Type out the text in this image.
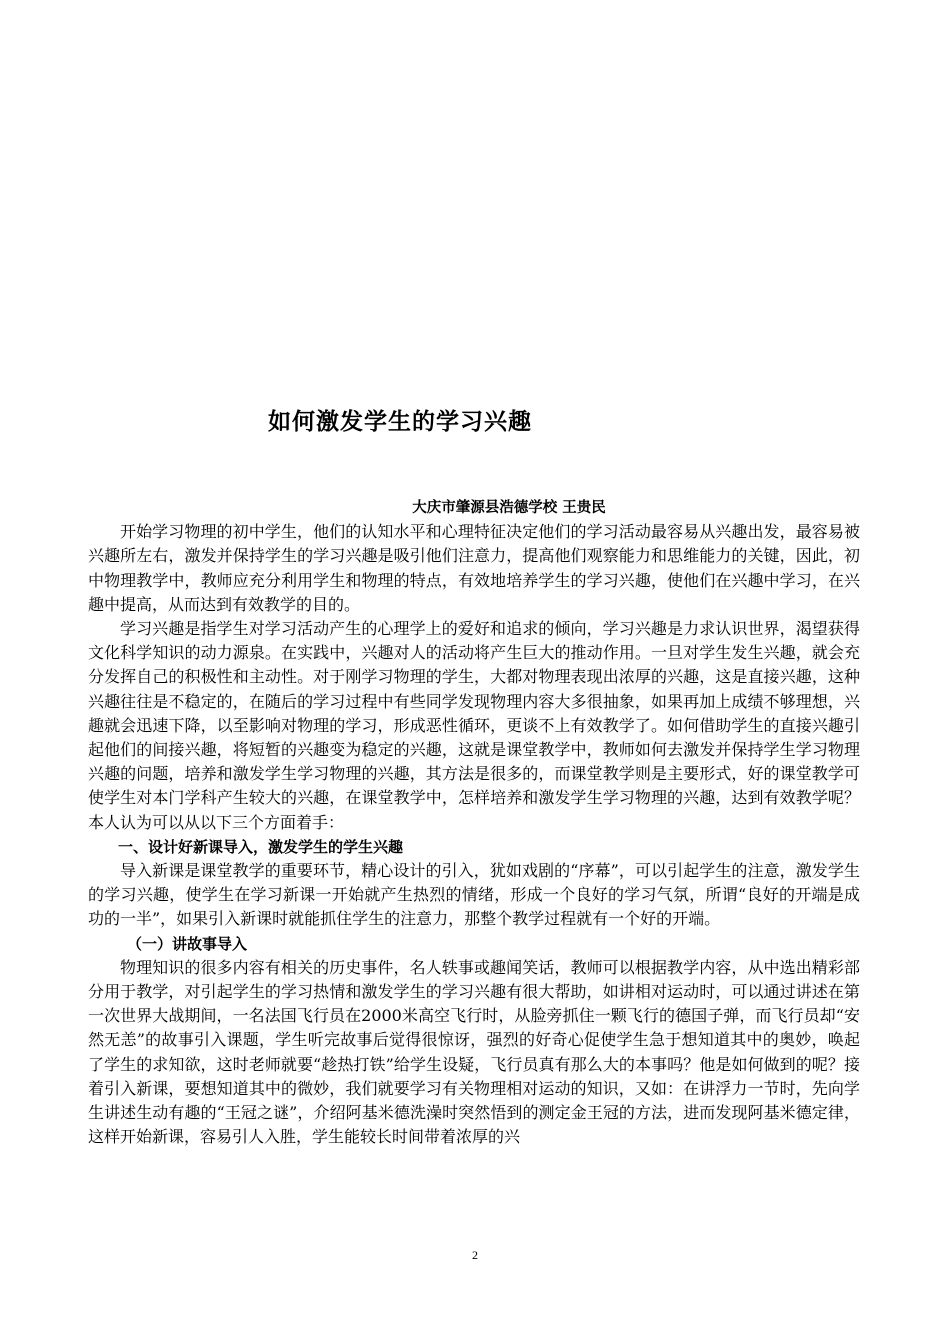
如何激发学生的学习兴趣
大庆市肇源县浩德学校 王贵民

开始学习物理的初中学生，他们的认知水平和心理特征决定他们的学习活动最容易从兴趣出发，最容易被兴趣所左右，激发并保持学生的学习兴趣是吸引他们注意力，提高他们观察能力和思维能力的关键，因此，初中物理教学中，教师应充分利用学生和物理的特点，有效地培养学生的学习兴趣，使他们在兴趣中学习，在兴趣中提高，从而达到有效教学的目的。

学习兴趣是指学生对学习活动产生的心理学上的爱好和追求的倾向，学习兴趣是力求认识世界，渴望获得文化科学知识的动力源泉。在实践中，兴趣对人的活动将产生巨大的推动作用。一旦对学生发生兴趣，就会充分发挥自己的积极性和主动性。对于刚学习物理的学生，大都对物理表现出浓厚的兴趣，这是直接兴趣，这种兴趣往往是不稳定的，在随后的学习过程中有些同学发现物理内容大多很抽象，如果再加上成绩不够理想，兴趣就会迅速下降，以至影响对物理的学习，形成恶性循环，更谈不上有效教学了。如何借助学生的直接兴趣引起他们的间接兴趣，将短暂的兴趣变为稳定的兴趣，这就是课堂教学中，教师如何去激发并保持学生学习物理兴趣的问题，培养和激发学生学习物理的兴趣，其方法是很多的，而课堂教学则是主要形式，好的课堂教学可使学生对本门学科产生较大的兴趣，在课堂教学中，怎样培养和激发学生学习物理的兴趣，达到有效教学呢？本人认为可以从以下三个方面着手：

一、设计好新课导入，激发学生的学生兴趣

导入新课是课堂教学的重要环节，精心设计的引入，犹如戏剧的“序幕”，可以引起学生的注意，激发学生的学习兴趣，使学生在学习新课一开始就产生热烈的情绪，形成一个良好的学习气氛，所谓“良好的开端是成功的一半”，如果引入新课时就能抓住学生的注意力，那整个教学过程就有一个好的开端。

（一）讲故事导入

物理知识的很多内容有相关的历史事件，名人轶事或趣闻笑话，教师可以根据教学内容，从中选出精彩部分用于教学，对引起学生的学习热情和激发学生的学习兴趣有很大帮助，如讲相对运动时，可以通过讲述在第一次世界大战期间，一名法国飞行员在2000米高空飞行时，从脸旁抓住一颗飞行的德国子弹，而飞行员却“安然无恙”的故事引入课题，学生听完故事后觉得很惊讶，强烈的好奇心促使学生急于想知道其中的奥妙，唤起了学生的求知欲，这时老师就要“趁热打铁”给学生设疑，飞行员真有那么大的本事吗？他是如何做到的呢？接着引入新课，要想知道其中的微妙，我们就要学习有关物理相对运动的知识，又如：在讲浮力一节时，先向学生讲述生动有趣的“王冠之谜”，介绍阿基米德洗澡时突然悟到的测定金王冠的方法，进而发现阿基米德定律，这样开始新课，容易引人入胜，学生能较长时间带着浓厚的兴

2
